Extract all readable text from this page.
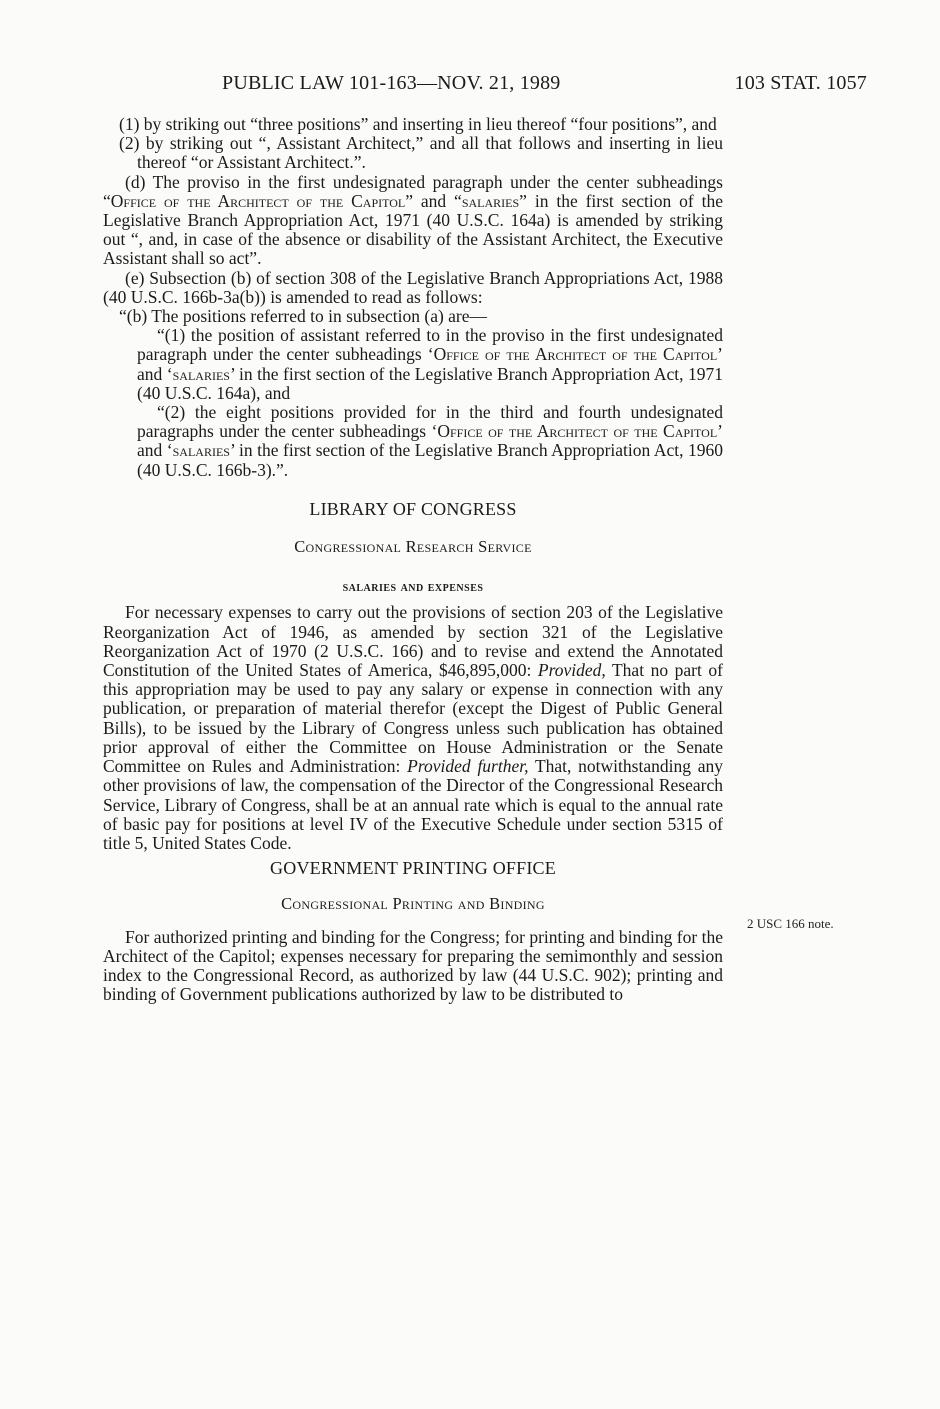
PUBLIC LAW 101-163—NOV. 21, 1989	103 STAT. 1057

(1) by striking out “three positions” and inserting in lieu thereof “four positions”, and

(2) by striking out “, Assistant Architect,” and all that follows and inserting in lieu thereof “or Assistant Architect.”.

(d) The proviso in the first undesignated paragraph under the center subheadings “Office of the Architect of the Capitol” and “salaries” in the first section of the Legislative Branch Appropriation Act, 1971 (40 U.S.C. 164a) is amended by striking out “, and, in case of the absence or disability of the Assistant Architect, the Executive Assistant shall so act”.

(e) Subsection (b) of section 308 of the Legislative Branch Appropriations Act, 1988 (40 U.S.C. 166b-3a(b)) is amended to read as follows:

“(b) The positions referred to in subsection (a) are—

“(1) the position of assistant referred to in the proviso in the first undesignated paragraph under the center subheadings ‘Office of the Architect of the Capitol’ and ‘salaries’ in the first section of the Legislative Branch Appropriation Act, 1971 (40 U.S.C. 164a), and

“(2) the eight positions provided for in the third and fourth undesignated paragraphs under the center subheadings ‘Office of the Architect of the Capitol’ and ‘salaries’ in the first section of the Legislative Branch Appropriation Act, 1960 (40 U.S.C. 166b-3).”.

LIBRARY OF CONGRESS
Congressional Research Service
salaries and expenses

For necessary expenses to carry out the provisions of section 203 of the Legislative Reorganization Act of 1946, as amended by section 321 of the Legislative Reorganization Act of 1970 (2 U.S.C. 166) and to revise and extend the Annotated Constitution of the United States of America, $46,895,000: Provided, That no part of this appropriation may be used to pay any salary or expense in connection with any publication, or preparation of material therefor (except the Digest of Public General Bills), to be issued by the Library of Congress unless such publication has obtained prior approval of either the Committee on House Administration or the Senate Committee on Rules and Administration: Provided further, That, notwithstanding any other provisions of law, the compensation of the Director of the Congressional Research Service, Library of Congress, shall be at an annual rate which is equal to the annual rate of basic pay for positions at level IV of the Executive Schedule under section 5315 of title 5, United States Code.

GOVERNMENT PRINTING OFFICE
Congressional Printing and Binding

For authorized printing and binding for the Congress; for printing and binding for the Architect of the Capitol; expenses necessary for preparing the semimonthly and session index to the Congressional Record, as authorized by law (44 U.S.C. 902); printing and binding of Government publications authorized by law to be distributed to

2 USC 166 note.
